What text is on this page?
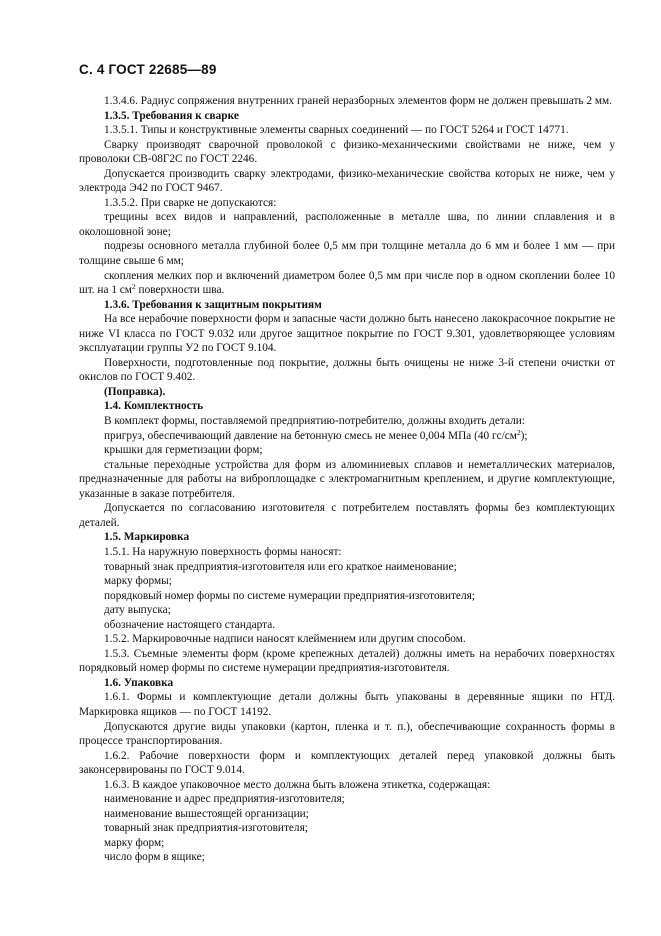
С. 4 ГОСТ 22685—89

1.3.4.6. Радиус сопряжения внутренних граней неразборных элементов форм не должен превышать 2 мм.

1.3.5. Требования к сварке

1.3.5.1. Типы и конструктивные элементы сварных соединений — по ГОСТ 5264 и ГОСТ 14771.

Сварку производят сварочной проволокой с физико-механическими свойствами не ниже, чем у проволоки СВ-08Г2С по ГОСТ 2246.

Допускается производить сварку электродами, физико-механические свойства которых не ниже, чем у электрода Э42 по ГОСТ 9467.

1.3.5.2. При сварке не допускаются:

трещины всех видов и направлений, расположенные в металле шва, по линии сплавления и в околошовной зоне;

подрезы основного металла глубиной более 0,5 мм при толщине металла до 6 мм и более 1 мм — при толщине свыше 6 мм;

скопления мелких пор и включений диаметром более 0,5 мм при числе пор в одном скоплении более 10 шт. на 1 $см^2$ поверхности шва.

1.3.6. Требования к защитным покрытиям

На все нерабочие поверхности форм и запасные части должно быть нанесено лакокрасочное покрытие не ниже VI класса по ГОСТ 9.032 или другое защитное покрытие по ГОСТ 9.301, удовлетворяющее условиям эксплуатации группы У2 по ГОСТ 9.104.

Поверхности, подготовленные под покрытие, должны быть очищены не ниже 3-й степени очистки от окислов по ГОСТ 9.402.

(Поправка).

1.4. Комплектность

В комплект формы, поставляемой предприятию-потребителю, должны входить детали:

пригруз, обеспечивающий давление на бетонную смесь не менее 0,004 МПа (40 $гс/см^2$);

крышки для герметизации форм;

стальные переходные устройства для форм из алюминиевых сплавов и неметаллических материалов, предназначенные для работы на виброплощадке с электромагнитным креплением, и другие комплектующие, указанные в заказе потребителя.

Допускается по согласованию изготовителя с потребителем поставлять формы без комплектующих деталей.

1.5. Маркировка

1.5.1. На наружную поверхность формы наносят:

товарный знак предприятия-изготовителя или его краткое наименование;

марку формы;

порядковый номер формы по системе нумерации предприятия-изготовителя;

дату выпуска;

обозначение настоящего стандарта.

1.5.2. Маркировочные надписи наносят клеймением или другим способом.

1.5.3. Съемные элементы форм (кроме крепежных деталей) должны иметь на нерабочих поверхностях порядковый номер формы по системе нумерации предприятия-изготовителя.

1.6. Упаковка

1.6.1. Формы и комплектующие детали должны быть упакованы в деревянные ящики по НТД. Маркировка ящиков — по ГОСТ 14192.

Допускаются другие виды упаковки (картон, пленка и т. п.), обеспечивающие сохранность формы в процессе транспортирования.

1.6.2. Рабочие поверхности форм и комплектующих деталей перед упаковкой должны быть законсервированы по ГОСТ 9.014.

1.6.3. В каждое упаковочное место должна быть вложена этикетка, содержащая:

наименование и адрес предприятия-изготовителя;

наименование вышестоящей организации;

товарный знак предприятия-изготовителя;

марку форм;

число форм в ящике;
